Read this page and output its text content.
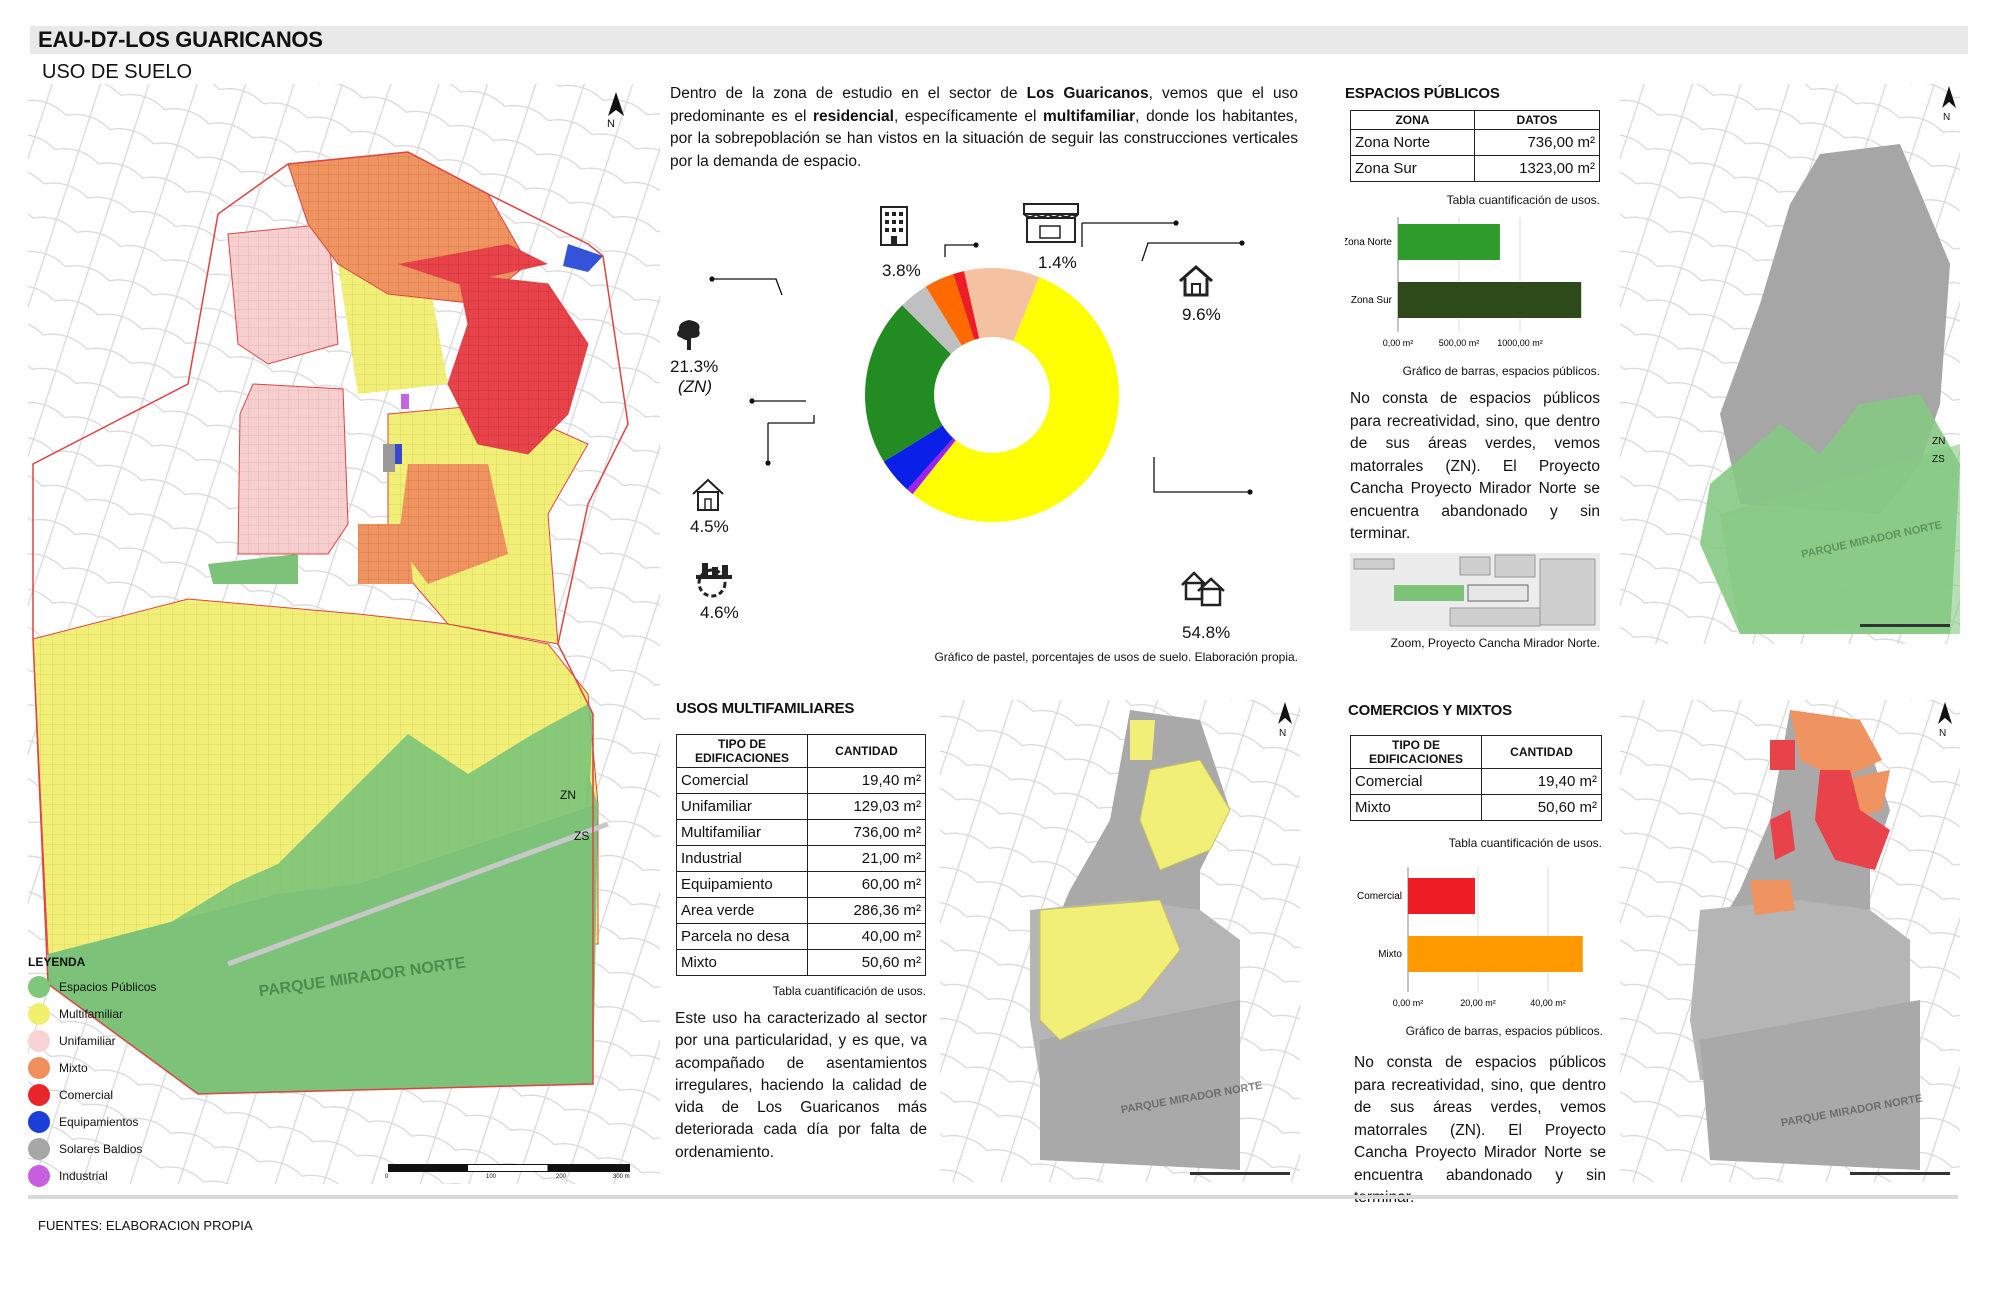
EAU-D7-LOS GUARICANOS
USO DE SUELO
N
PARQUE MIRADOR NORTE
ZN
ZS
0	100	200	300 m
LEYENDA
Espacios Públicos
Multifamiliar
Unifamiliar
Mixto
Comercial
Equipamientos
Solares Baldios
Industrial
Dentro de la zona de estudio en el sector de Los Guaricanos, vemos que el uso predominante es el residencial, específicamente el multifamiliar, donde los habitantes, por la sobrepoblación se han vistos en la situación de seguir las construcciones verticales por la demanda de espacio.
3.8%	1.4%
9.6%
21.3%
(ZN)
4.5%
4.6%
54.8%
Gráfico de pastel, porcentajes de usos de suelo. Elaboración propia.
ESPACIOS PÚBLICOS
ZONA	DATOS
Zona Norte	736,00 m²
Zona Sur	1323,00 m²
Tabla cuantificación de usos.
0,00 m²	500,00 m² 1000,00 m²
Zona Norte
Zona Sur
Gráfico de barras, espacios públicos.
No consta de espacios públicos para recreatividad, sino, que dentro de sus áreas verdes, vemos matorrales (ZN). El Proyecto Cancha Proyecto Mirador Norte se encuentra abandonado y sin terminar.
Zoom, Proyecto Cancha Mirador Norte.
N
ZN
ZS
PARQUE MIRADOR NORTE
USOS MULTIFAMILIARES
TIPO DE EDIFICACIONES	CANTIDAD
Comercial	19,40 m²
Unifamiliar	129,03 m²
Multifamiliar	736,00 m²
Industrial	21,00 m²
Equipamiento	60,00 m²
Area verde	286,36 m²
Parcela no desa	40,00 m²
Mixto	50,60 m²
Tabla cuantificación de usos.
Este uso ha caracterizado al sector por una particularidad, y es que, va acompañado de asentamientos irregulares, haciendo la calidad de vida de Los Guaricanos más deteriorada cada día por falta de ordenamiento.
N
PARQUE MIRADOR NORTE
COMERCIOS Y MIXTOS
TIPO DE EDIFICACIONES	CANTIDAD
Comercial	19,40 m²
Mixto	50,60 m²
Tabla cuantificación de usos.
0,00 m²	20,00 m²	40,00 m²
Comercial
Mixto
Gráfico de barras, espacios públicos.
No consta de espacios públicos para recreatividad, sino, que dentro de sus áreas verdes, vemos matorrales (ZN). El Proyecto Cancha Proyecto Mirador Norte se encuentra abandonado y sin
N
PARQUE MIRADOR NORTE
FUENTES: ELABORACION PROPIA
